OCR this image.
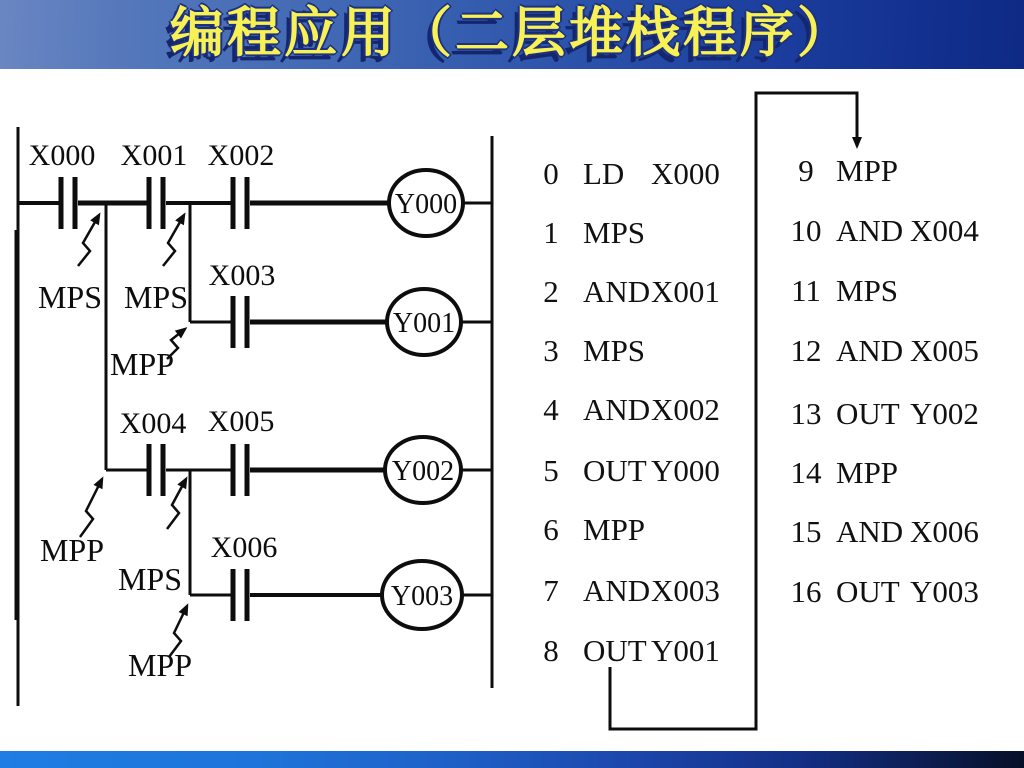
编程应用（二层堆栈程序）
X000 X001 X002
X003
X004 X005
X006
Y000
Y001
Y002
Y003
MPS MPS
MPP
MPP
MPS
MPP
0 LD X000
1 MPS
2 AND X001
3 MPS
4 AND X002
5 OUT Y000
6 MPP
7 AND X003
8 OUT Y001
9 MPP
10 AND X004
11 MPS
12 AND X005
13 OUT Y002
14 MPP
15 AND X006
16 OUT Y003
